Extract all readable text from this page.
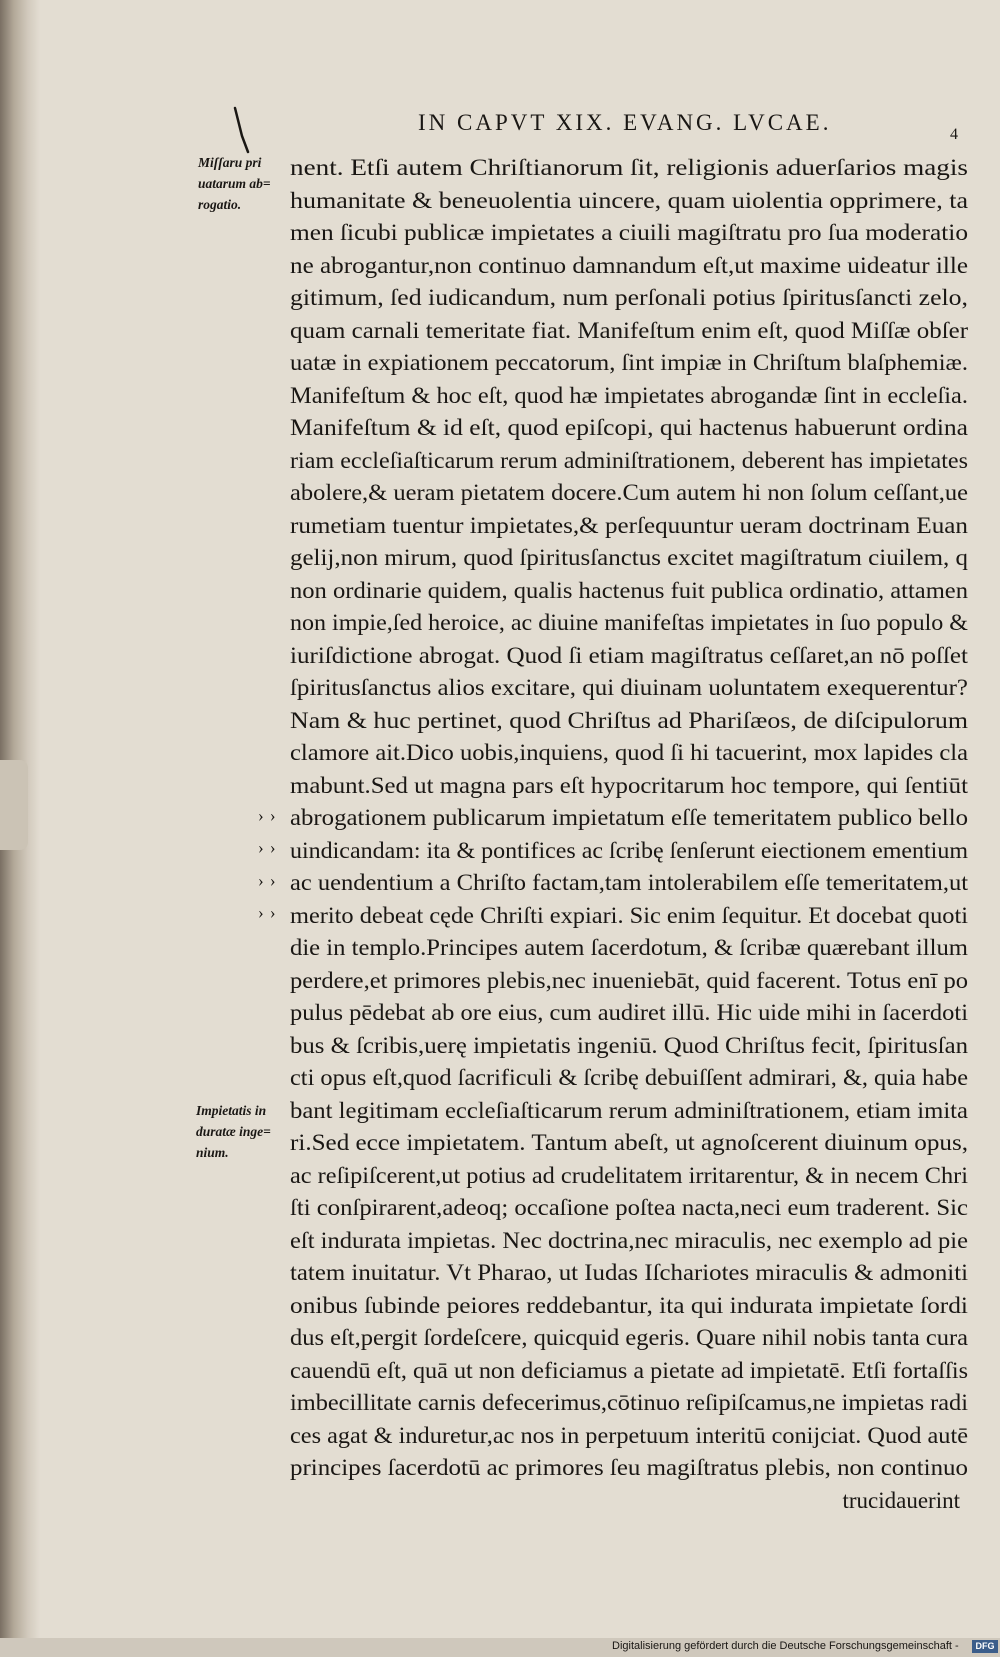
IN CAPVT XIX. EVANG. LVCAE.	4
Miſſaru pri
uatarum ab=
rogatio.
Impietatis in
duratæ inge=
nium.
› ›
› ›
› ›
› ›
nent. Etſi autem Chriſtianorum ſit, religionis aduerſarios magis
humanitate & beneuolentia uincere, quam uiolentia opprimere, ta
men ſicubi publicæ impietates a ciuili magiſtratu pro ſua moderatio
ne abrogantur,non continuo damnandum eſt,ut maxime uideatur ille
gitimum, ſed iudicandum, num perſonali potius ſpiritusſancti zelo,
quam carnali temeritate fiat. Manifeſtum enim eſt, quod Miſſæ obſer
uatæ in expiationem peccatorum, ſint impiæ in Chriſtum blaſphemiæ.
Manifeſtum & hoc eſt, quod hæ impietates abrogandæ ſint in eccleſia.
Manifeſtum & id eſt, quod epiſcopi, qui hactenus habuerunt ordina
riam eccleſiaſticarum rerum adminiſtrationem, deberent has impietates
abolere,& ueram pietatem docere.Cum autem hi non ſolum ceſſant,ue
rumetiam tuentur impietates,& perſequuntur ueram doctrinam Euan
gelij,non mirum, quod ſpiritusſanctus excitet magiſtratum ciuilem, q
non ordinarie quidem, qualis hactenus fuit publica ordinatio, attamen
non impie,ſed heroice, ac diuine manifeſtas impietates in ſuo populo &
iuriſdictione abrogat. Quod ſi etiam magiſtratus ceſſaret,an nō poſſet
ſpiritusſanctus alios excitare, qui diuinam uoluntatem exequerentur?
Nam & huc pertinet, quod Chriſtus ad Phariſæos, de diſcipulorum
clamore ait.Dico uobis,inquiens, quod ſi hi tacuerint, mox lapides cla
mabunt.Sed ut magna pars eſt hypocritarum hoc tempore, qui ſentiūt
abrogationem publicarum impietatum eſſe temeritatem publico bello
uindicandam: ita & pontifices ac ſcribę ſenſerunt eiectionem ementium
ac uendentium a Chriſto factam,tam intolerabilem eſſe temeritatem,ut
merito debeat cęde Chriſti expiari. Sic enim ſequitur. Et docebat quoti
die in templo.Principes autem ſacerdotum, & ſcribæ quærebant illum
perdere,et primores plebis,nec inueniebāt, quid facerent. Totus enī po
pulus pēdebat ab ore eius, cum audiret illū. Hic uide mihi in ſacerdoti
bus & ſcribis,uerę impietatis ingeniū. Quod Chriſtus fecit, ſpiritusſan
cti opus eſt,quod ſacrificuli & ſcribę debuiſſent admirari, &, quia habe
bant legitimam eccleſiaſticarum rerum adminiſtrationem, etiam imita
ri.Sed ecce impietatem. Tantum abeſt, ut agnoſcerent diuinum opus,
ac reſipiſcerent,ut potius ad crudelitatem irritarentur, & in necem Chri
ſti conſpirarent,adeoq; occaſione poſtea nacta,neci eum traderent. Sic
eſt indurata impietas. Nec doctrina,nec miraculis, nec exemplo ad pie
tatem inuitatur. Vt Pharao, ut Iudas Iſchariotes miraculis & admoniti
onibus ſubinde peiores reddebantur, ita qui indurata impietate ſordi
dus eſt,pergit ſordeſcere, quicquid egeris. Quare nihil nobis tanta cura
cauendū eſt, quā ut non deficiamus a pietate ad impietatē. Etſi fortaſſis
imbecillitate carnis defecerimus,cōtinuo reſipiſcamus,ne impietas radi
ces agat & induretur,ac nos in perpetuum interitū conijciat. Quod autē
principes ſacerdotū ac primores ſeu magiſtratus plebis, non continuo
trucidauerint
Digitalisierung gefördert durch die Deutsche Forschungsgemeinschaft -	DFG
